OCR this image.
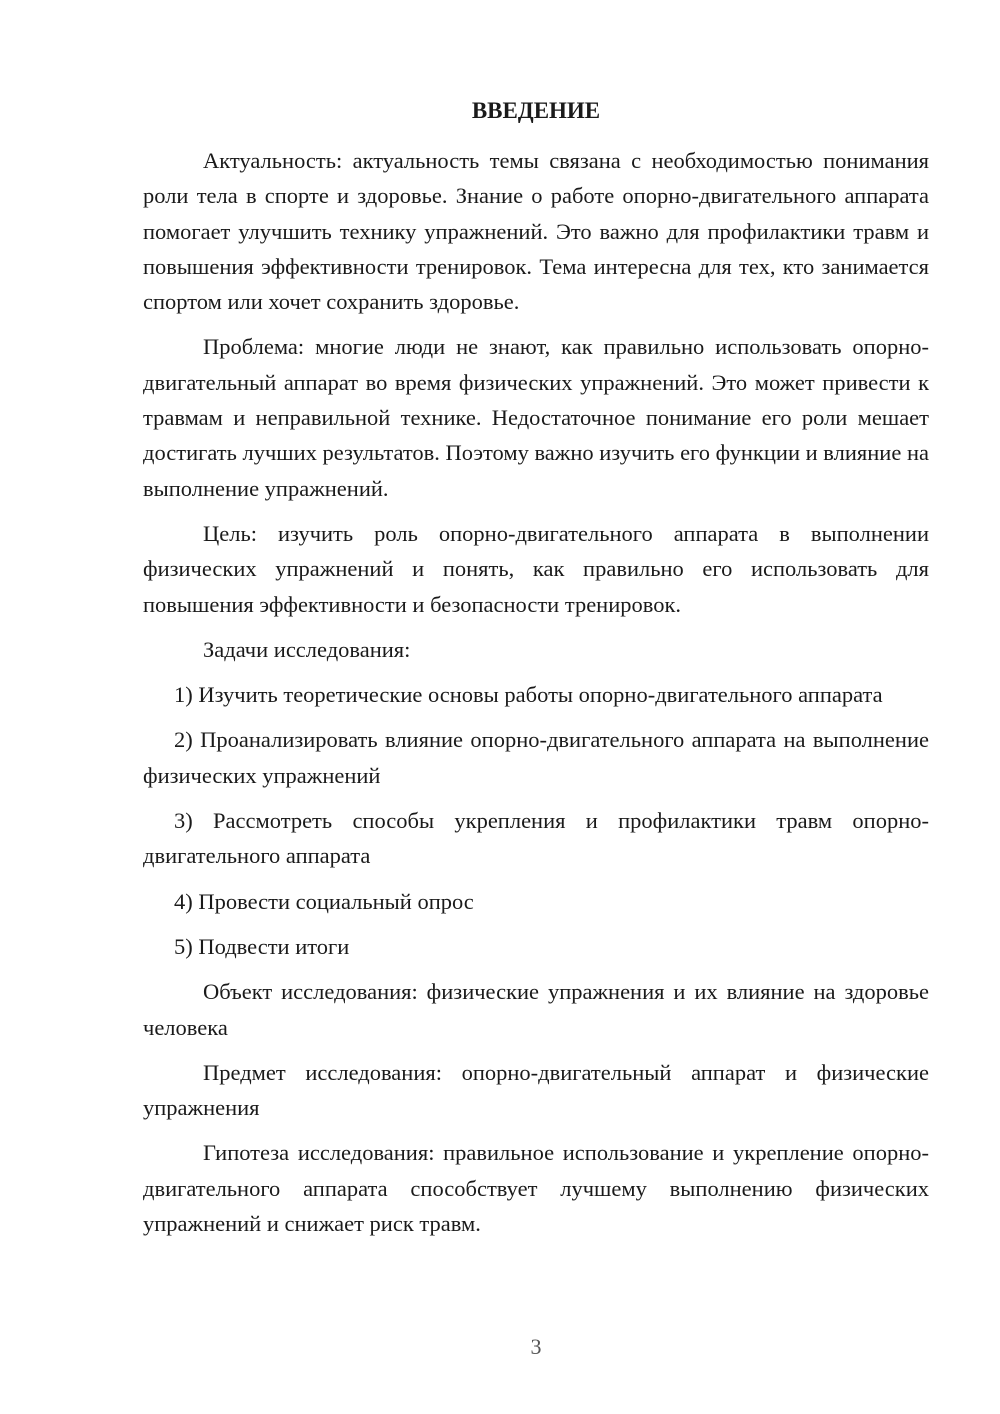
ВВЕДЕНИЕ

Актуальность: актуальность темы связана с необходимостью понимания роли тела в спорте и здоровье. Знание о работе опорно-двигательного аппарата помогает улучшить технику упражнений. Это важно для профилактики травм и повышения эффективности тренировок. Тема интересна для тех, кто занимается спортом или хочет сохранить здоровье.

Проблема: многие люди не знают, как правильно использовать опорно-двигательный аппарат во время физических упражнений. Это может привести к травмам и неправильной технике. Недостаточное понимание его роли мешает достигать лучших результатов. Поэтому важно изучить его функции и влияние на выполнение упражнений.

Цель: изучить роль опорно-двигательного аппарата в выполнении физических упражнений и понять, как правильно его использовать для повышения эффективности и безопасности тренировок.

Задачи исследования:

1) Изучить теоретические основы работы опорно-двигательного аппарата

2) Проанализировать влияние опорно-двигательного аппарата на выполнение физических упражнений

3) Рассмотреть способы укрепления и профилактики травм опорно-двигательного аппарата

4) Провести социальный опрос

5) Подвести итоги

Объект исследования: физические упражнения и их влияние на здоровье человека

Предмет исследования: опорно-двигательный аппарат и физические упражнения

Гипотеза исследования: правильное использование и укрепление опорно-двигательного аппарата способствует лучшему выполнению физических упражнений и снижает риск травм.

3
